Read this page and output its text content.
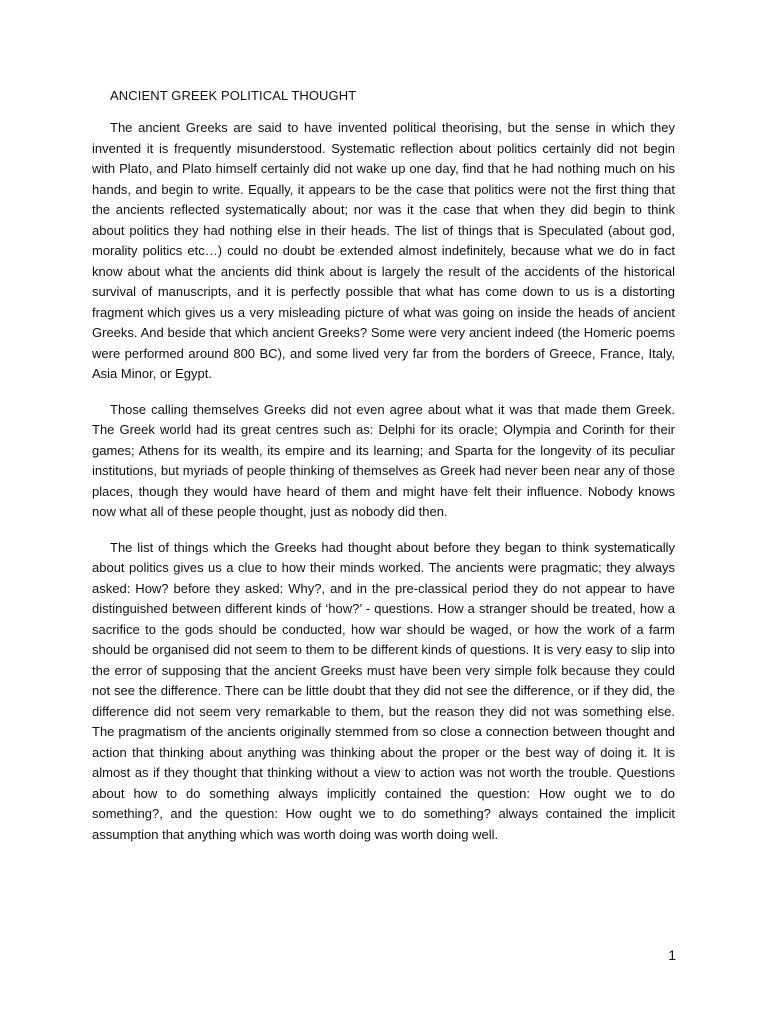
ANCIENT GREEK POLITICAL THOUGHT

The ancient Greeks are said to have invented political theorising, but the sense in which they invented it is frequently misunderstood. Systematic reflection about politics certainly did not begin with Plato, and Plato himself certainly did not wake up one day, find that he had nothing much on his hands, and begin to write. Equally, it appears to be the case that politics were not the first thing that the ancients reflected systematically about; nor was it the case that when they did begin to think about politics they had nothing else in their heads. The list of things that is Speculated (about god, morality politics etc…) could no doubt be extended almost indefinitely, because what we do in fact know about what the ancients did think about is largely the result of the accidents of the historical survival of manuscripts, and it is perfectly possible that what has come down to us is a distorting fragment which gives us a very misleading picture of what was going on inside the heads of ancient Greeks. And beside that which ancient Greeks? Some were very ancient indeed (the Homeric poems were performed around 800 BC), and some lived very far from the borders of Greece, France, Italy, Asia Minor, or Egypt.

Those calling themselves Greeks did not even agree about what it was that made them Greek. The Greek world had its great centres such as: Delphi for its oracle; Olympia and Corinth for their games; Athens for its wealth, its empire and its learning; and Sparta for the longevity of its peculiar institutions, but myriads of people thinking of themselves as Greek had never been near any of those places, though they would have heard of them and might have felt their influence. Nobody knows now what all of these people thought, just as nobody did then.

The list of things which the Greeks had thought about before they began to think systematically about politics gives us a clue to how their minds worked. The ancients were pragmatic; they always asked: How? before they asked: Why?, and in the pre-classical period they do not appear to have distinguished between different kinds of ‘how?’ - questions. How a stranger should be treated, how a sacrifice to the gods should be conducted, how war should be waged, or how the work of a farm should be organised did not seem to them to be different kinds of questions. It is very easy to slip into the error of supposing that the ancient Greeks must have been very simple folk because they could not see the difference. There can be little doubt that they did not see the difference, or if they did, the difference did not seem very remarkable to them, but the reason they did not was something else. The pragmatism of the ancients originally stemmed from so close a connection between thought and action that thinking about anything was thinking about the proper or the best way of doing it. It is almost as if they thought that thinking without a view to action was not worth the trouble. Questions about how to do something always implicitly contained the question: How ought we to do something?, and the question: How ought we to do something? always contained the implicit assumption that anything which was worth doing was worth doing well.

1
